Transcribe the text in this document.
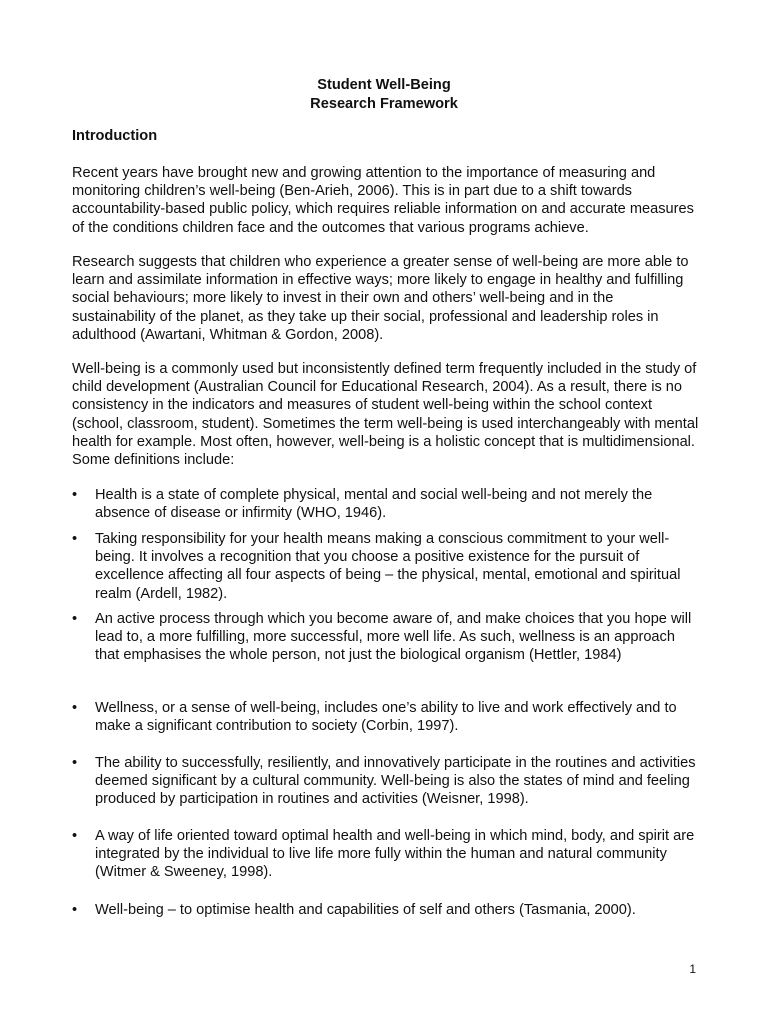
Student Well-Being
Research Framework
Introduction

Recent years have brought new and growing attention to the importance of measuring and monitoring children’s well-being (Ben-Arieh, 2006). This is in part due to a shift towards accountability-based public policy, which requires reliable information on and accurate measures of the conditions children face and the outcomes that various programs achieve.

Research suggests that children who experience a greater sense of well-being are more able to learn and assimilate information in effective ways; more likely to engage in healthy and fulfilling social behaviours; more likely to invest in their own and others’ well-being and in the sustainability of the planet, as they take up their social, professional and leadership roles in adulthood (Awartani, Whitman & Gordon, 2008).

Well-being is a commonly used but inconsistently defined term frequently included in the study of child development (Australian Council for Educational Research, 2004). As a result, there is no consistency in the indicators and measures of student well-being within the school context (school, classroom, student). Sometimes the term well-being is used interchangeably with mental health for example. Most often, however, well-being is a holistic concept that is multidimensional. Some definitions include:

• Health is a state of complete physical, mental and social well-being and not merely the absence of disease or infirmity (WHO, 1946).
• Taking responsibility for your health means making a conscious commitment to your well-being. It involves a recognition that you choose a positive existence for the pursuit of excellence affecting all four aspects of being – the physical, mental, emotional and spiritual realm (Ardell, 1982).
• An active process through which you become aware of, and make choices that you hope will lead to, a more fulfilling, more successful, more well life. As such, wellness is an approach that emphasises the whole person, not just the biological organism (Hettler, 1984)
• Wellness, or a sense of well-being, includes one’s ability to live and work effectively and to make a significant contribution to society (Corbin, 1997).
• The ability to successfully, resiliently, and innovatively participate in the routines and activities deemed significant by a cultural community. Well-being is also the states of mind and feeling produced by participation in routines and activities (Weisner, 1998).
• A way of life oriented toward optimal health and well-being in which mind, body, and spirit are integrated by the individual to live life more fully within the human and natural community (Witmer & Sweeney, 1998).
• Well-being – to optimise health and capabilities of self and others (Tasmania, 2000).
1
